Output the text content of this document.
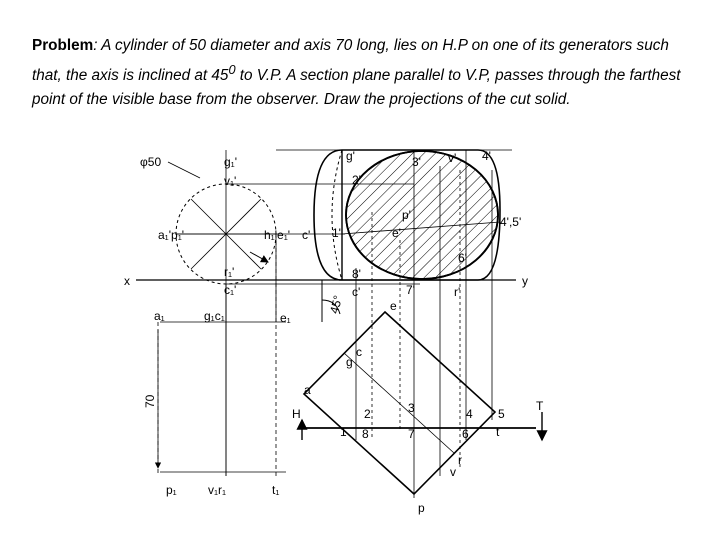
Problem: A cylinder of 50 diameter and axis 70 long, lies on H.P on one of its generators such that, the axis is inclined at $45^0$ to V.P. A section plane parallel to V.P, passes through the farthest point of the visible base from the observer. Draw the projections of the cut solid.
φ50	g₁'
v₁'
a₁'p₁'	h₁'e₁' c'
r₁'
c₁'
x	y
g'	3' v' 4'
2'
p'
1'	e'
4',5'
6'
8'
c'	7'	r'
45°
a₁	g₁c₁	e₁
70
e
c
g
a
H
T
1
2
8
3
7
4 5
6 t
r
v
p
p₁	v₁r₁	t₁
